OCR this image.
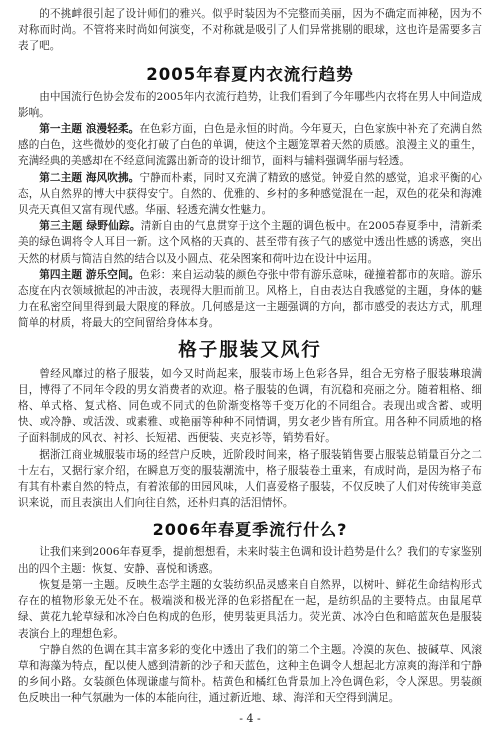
的不挑衅很引起了设计师们的雅兴。似乎时装因为不完整而美丽，因为不确定而神秘，因为不对称而时尚。不管将来时尚如何演变，不对称就是吸引了人们异常挑剔的眼球，这也许是需要多言表了吧。

2005年春夏内衣流行趋势

由中国流行色协会发布的2005年内衣流行趋势，让我们看到了今年哪些内衣将在男人中间造成影响。

第一主题 浪漫轻柔。在色彩方面，白色是永恒的时尚。今年夏天，白色家族中补充了充满自然感的白色，这些微妙的变化打破了白色的单调，使这个主题笼罩着天然的质感。浪漫主义的重生，充满经典的美感却在不经意间流露出新奇的设计细节，面料与辅料强调华丽与轻透。

第二主题 海风吹拂。宁静而朴素，同时又充满了精致的感觉。钟爱自然的感觉，追求平衡的心态，从自然界的博大中获得安宁。自然的、优雅的、乡村的多种感觉混在一起，双色的花朵和海滩贝壳天真但又富有现代感。华丽、轻透充满女性魅力。

第三主题 绿野仙踪。清新自由的气息贯穿于这个主题的调色板中。在2005春夏季中，清新柔美的绿色调将令人耳目一新。这个风格的天真的、甚至带有孩子气的感觉中透出性感的诱惑，突出天然的材质与简洁自然的结合以及小圆点、花朵图案和荷叶边在设计中运用。

第四主题 游乐空间。色彩：来自运动装的颜色夺张中带有游乐意味，碰撞着都市的灰暗。游乐态度在内衣领域掀起的冲击波，表现得大胆而前卫。风格上，自由表达自我感觉的主题，身体的魅力在私密空间里得到最大限度的释放。几何感是这一主题强调的方向，都市感受的表达方式，肌理简单的材质，将最大的空间留给身体本身。

格子服装又风行

曾经风靡过的格子服装，如今又时尚起来，服装市场上色彩各异，组合无穷格子服装琳琅满目，博得了不同年令段的男女消费者的欢迎。格子服装的色调，有沉稳和亮丽之分。随着粗格、细格、单式格、复式格、同色或不同式的色阶渐变格等千变万化的不同组合。表现出或含蓄、或明快、或冷静、或活泼、或素雅、或艳丽等种种不同情调，男女老少皆有所宜。用各种不同质地的格子面料制成的风衣、衬衫、长短裙、西便装、夹克衫等，销势看好。

据浙江商业城服装市场的经营户反映，近阶段时间来，格子服装销售要占服装总销量百分之二十左右，又据行家介绍，在瞬息万变的服装潮流中，格子服装卷土重来，有成时尚，是因为格子布有其有朴素自然的特点，有着浓郁的田园风味，人们喜爱格子服装，不仅反映了人们对传统审美意识来说，而且表演出人们向往自然，还朴归真的活泪情怀。

2006年春夏季流行什么?

让我们来到2006年春夏季，提前想想看，未来时装主色调和设计趋势是什么？我们的专家鉴别出的四个主题：恢复、安静、喜悦和诱惑。

恢复是第一主题。反映生态学主题的女装纺织品灵感来自自然界，以树叶、鲜花生命结构形式存在的植物形象无处不在。极端淡和极光泽的色彩搭配在一起，是纺织品的主要特点。由鼠尾草绿、黄花九轮草绿和冰冷白色构成的色形，使男装更具活力。荧光黄、冰冷白色和暗蓝灰色是服装表演台上的理想色彩。

宁静自然的色调在其丰富多彩的变化中透出了我们的第二个主题。冷漠的灰色、披碱草、风滚草和海藻为特点，配以使人感到清新的沙子和天蓝色，这种主色调令人想起北方凉爽的海洋和宁静的乡间小路。女装颜色体现谦虚与简朴。桔黄色和橘红色背景加上冷色调色彩，令人深思。男装颜色反映出一种气氛融为一体的本能向往，通过新近地、球、海洋和天空得到满足。

- 4 -
